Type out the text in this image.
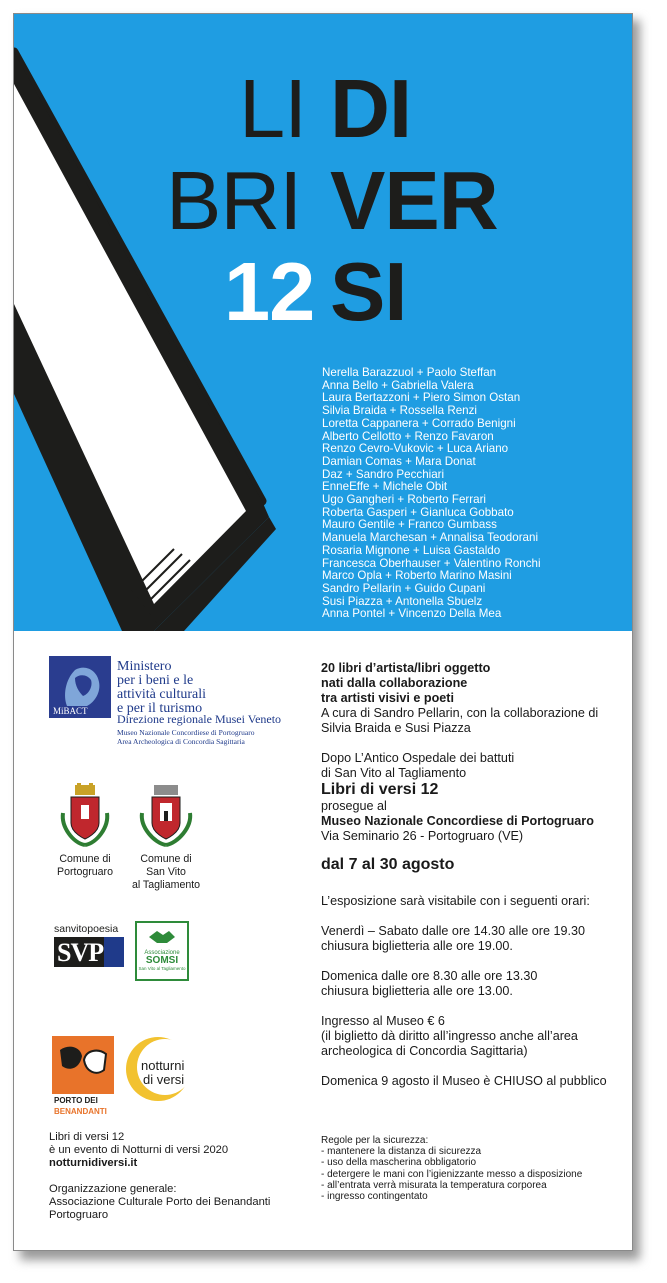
LI DI
BRI VER
12 SI
Nerella Barazzuol + Paolo Steffan
Anna Bello + Gabriella Valera
Laura Bertazzoni + Piero Simon Ostan
Silvia Braida + Rossella Renzi
Loretta Cappanera + Corrado Benigni
Alberto Cellotto + Renzo Favaron
Renzo Cevro-Vukovic + Luca Ariano
Damian Comas + Mara Donat
Daz + Sandro Pecchiari
EnneEffe + Michele Obit
Ugo Gangheri + Roberto Ferrari
Roberta Gasperi + Gianluca Gobbato
Mauro Gentile + Franco Gumbass
Manuela Marchesan + Annalisa Teodorani
Rosaria Mignone + Luisa Gastaldo
Francesca Oberhauser + Valentino Ronchi
Marco Opla + Roberto Marino Masini
Sandro Pellarin + Guido Cupani
Susi Piazza + Antonella Sbuelz
Anna Pontel + Vincenzo Della Mea
MiBACT
Ministero
per i beni e le
attività culturali
e per il turismo
Direzione regionale Musei Veneto
Museo Nazionale Concordiese di Portogruaro
Area Archeologica di Concordia Sagittaria
Comune di
Portogruaro
Comune di
San Vito
al Tagliamento
sanvitopoesia
SVP	Associazione
SOMSI
San Vito al Tagliamento
PORTO DEI
BENANDANTI
notturni
di versi
20 libri d’artista/libri oggetto
nati dalla collaborazione
tra artisti visivi e poeti
A cura di Sandro Pellarin, con la collaborazione di Silvia Braida e Susi Piazza
Dopo L’Antico Ospedale dei battuti
di San Vito al Tagliamento
Libri di versi 12
prosegue al
Museo Nazionale Concordiese di Portogruaro
Via Seminario 26 - Portogruaro (VE)
dal 7 al 30 agosto
L’esposizione sarà visitabile con i seguenti orari:
Venerdì – Sabato dalle ore 14.30 alle ore 19.30
chiusura biglietteria alle ore 19.00.
Domenica dalle ore 8.30 alle ore 13.30
chiusura biglietteria alle ore 13.00.
Ingresso al Museo € 6
(il biglietto dà diritto all’ingresso anche all’area archeologica di Concordia Sagittaria)
Domenica 9 agosto il Museo è CHIUSO al pubblico
Regole per la sicurezza:
- mantenere la distanza di sicurezza
- uso della mascherina obbligatorio
- detergere le mani con l’igienizzante messo a disposizione
- all’entrata verrà misurata la temperatura corporea
- ingresso contingentato
Libri di versi 12
è un evento di Notturni di versi 2020
notturnidiversi.it
Organizzazione generale:
Associazione Culturale Porto dei Benandanti
Portogruaro
